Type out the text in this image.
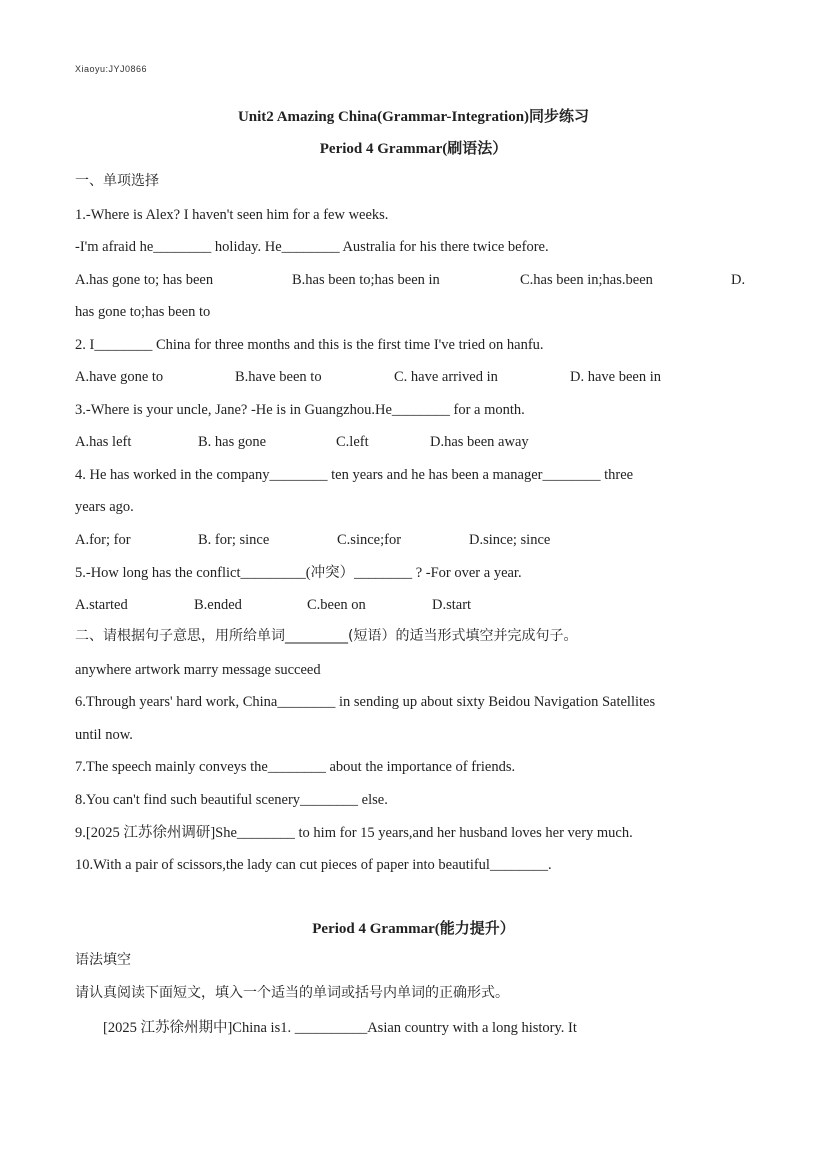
Xiaoyu:JYJ0866
Unit2 Amazing China(Grammar-Integration)同步练习
Period 4 Grammar(刷语法）
一、单项选择
1.-Where is Alex? I haven't seen him for a few weeks.
-I'm afraid he________ holiday. He________ Australia for his there twice before.
A.has gone to; has been	B.has been to;has been in	C.has been in;has.been	D.
has gone to;has been to
2. I________ China for three months and this is the first time I've tried on hanfu.
A.have gone to	B.have been to	C. have arrived in	D. have been in
3.-Where is your uncle, Jane? -He is in Guangzhou.He________ for a month.
A.has left	B. has gone	C.left	D.has been away
4. He has worked in the company________ ten years and he has been a manager________ three
years ago.
A.for; for	B. for; since	C.since;for	D.since; since
5.-How long has the conflict_________(冲突）________ ? -For over a year.
A.started	B.ended	C.been on	D.start
二、请根据句子意思，用所给单词_________(短语）的适当形式填空并完成句子。
anywhere artwork marry message succeed
6.Through years' hard work, China________ in sending up about sixty Beidou Navigation Satellites
until now.
7.The speech mainly conveys the________ about the importance of friends.
8.You can't find such beautiful scenery________ else.
9.[2025 江苏徐州调研]She________ to him for 15 years,and her husband loves her very much.
10.With a pair of scissors,the lady can cut pieces of paper into beautiful________.
Period 4 Grammar(能力提升）
语法填空
请认真阅读下面短文，填入一个适当的单词或括号内单词的正确形式。
[2025 江苏徐州期中]China is1. __________Asian country with a long history. It
